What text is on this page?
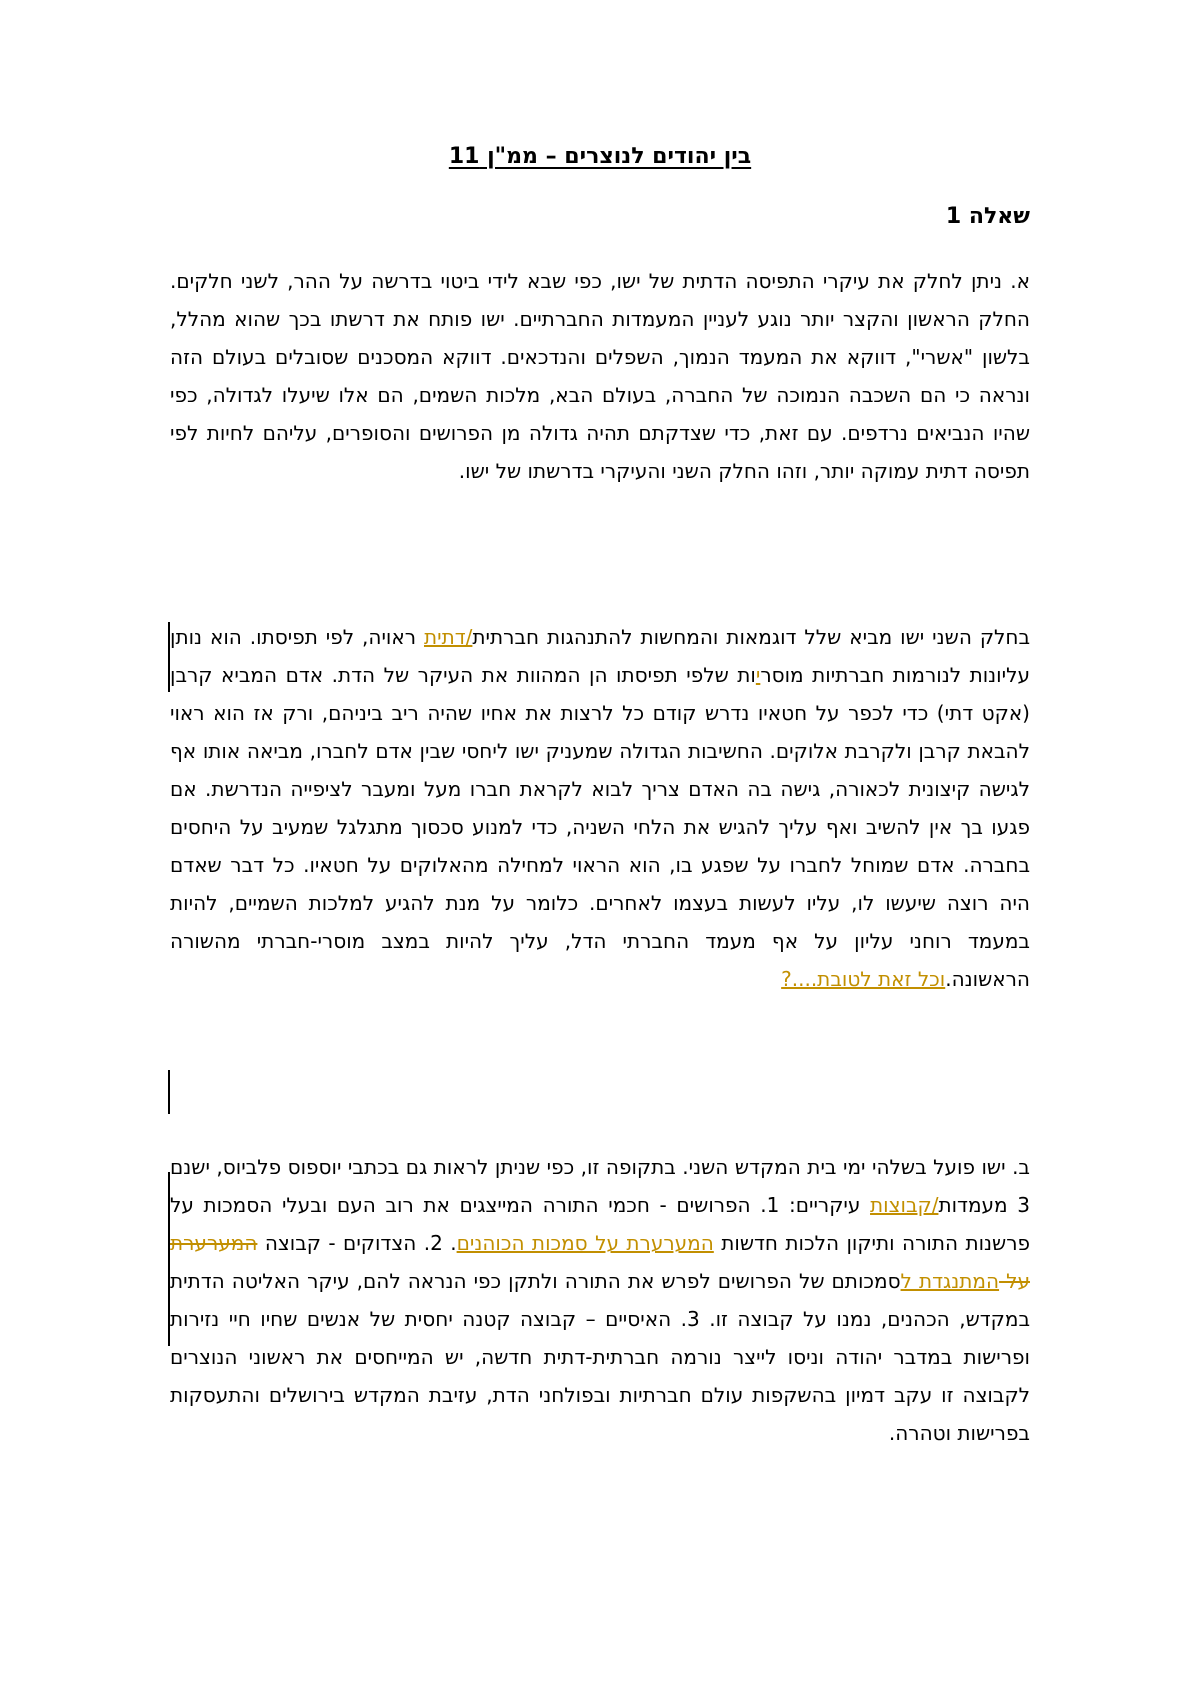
בין יהודים לנוצרים – ממ"ן 11
שאלה 1
א. ניתן לחלק את עיקרי התפיסה הדתית של ישו, כפי שבא לידי ביטוי בדרשה על ההר, לשני חלקים. החלק הראשון והקצר יותר נוגע לעניין המעמדות החברתיים. ישו פותח את דרשתו בכך שהוא מהלל, בלשון "אשרי", דווקא את המעמד הנמוך, השפלים והנדכאים. דווקא המסכנים שסובלים בעולם הזה ונראה כי הם השכבה הנמוכה של החברה, בעולם הבא, מלכות השמים, הם אלו שיעלו לגדולה, כפי שהיו הנביאים נרדפים. עם זאת, כדי שצדקתם תהיה גדולה מן הפרושים והסופרים, עליהם לחיות לפי תפיסה דתית עמוקה יותר, וזהו החלק השני והעיקרי בדרשתו של ישו.
בחלק השני ישו מביא שלל דוגמאות והמחשות להתנהגות חברתית/דתית ראויה, לפי תפיסתו. הוא נותן עליונות לנורמות חברתיות מוסריות שלפי תפיסתו הן המהוות את העיקר של הדת. אדם המביא קרבן (אקט דתי) כדי לכפר על חטאיו נדרש קודם כל לרצות את אחיו שהיה ריב ביניהם, ורק אז הוא ראוי להבאת קרבן ולקרבת אלוקים. החשיבות הגדולה שמעניק ישו ליחסי שבין אדם לחברו, מביאה אותו אף לגישה קיצונית לכאורה, גישה בה האדם צריך לבוא לקראת חברו מעל ומעבר לציפייה הנדרשת. אם פגעו בך אין להשיב ואף עליך להגיש את הלחי השניה, כדי למנוע סכסוך מתגלגל שמעיב על היחסים בחברה. אדם שמוחל לחברו על שפגע בו, הוא הראוי למחילה מהאלוקים על חטאיו. כל דבר שאדם היה רוצה שיעשו לו, עליו לעשות בעצמו לאחרים. כלומר על מנת להגיע למלכות השמיים, להיות במעמד רוחני עליון על אף מעמד החברתי הדל, עליך להיות במצב מוסרי-חברתי מהשורה הראשונה.וכל זאת לטובת....?
ב. ישו פועל בשלהי ימי בית המקדש השני. בתקופה זו, כפי שניתן לראות גם בכתבי יוספוס פלביוס, ישנם 3 מעמדות/קבוצות עיקריים: 1. הפרושים - חכמי התורה המייצגים את רוב העם ובעלי הסמכות על פרשנות התורה ותיקון הלכות חדשות המערערת על סמכות הכוהנים. 2. הצדוקים - קבוצה המערערת על המתנגדת לסמכותם של הפרושים לפרש את התורה ולתקן כפי הנראה להם, עיקר האליטה הדתית במקדש, הכהנים, נמנו על קבוצה זו. 3. האיסיים – קבוצה קטנה יחסית של אנשים שחיו חיי נזירות ופרישות במדבר יהודה וניסו לייצר נורמה חברתית-דתית חדשה, יש המייחסים את ראשוני הנוצרים לקבוצה זו עקב דמיון בהשקפות עולם חברתיות ובפולחני הדת, עזיבת המקדש בירושלים והתעסקות בפרישות וטהרה.
